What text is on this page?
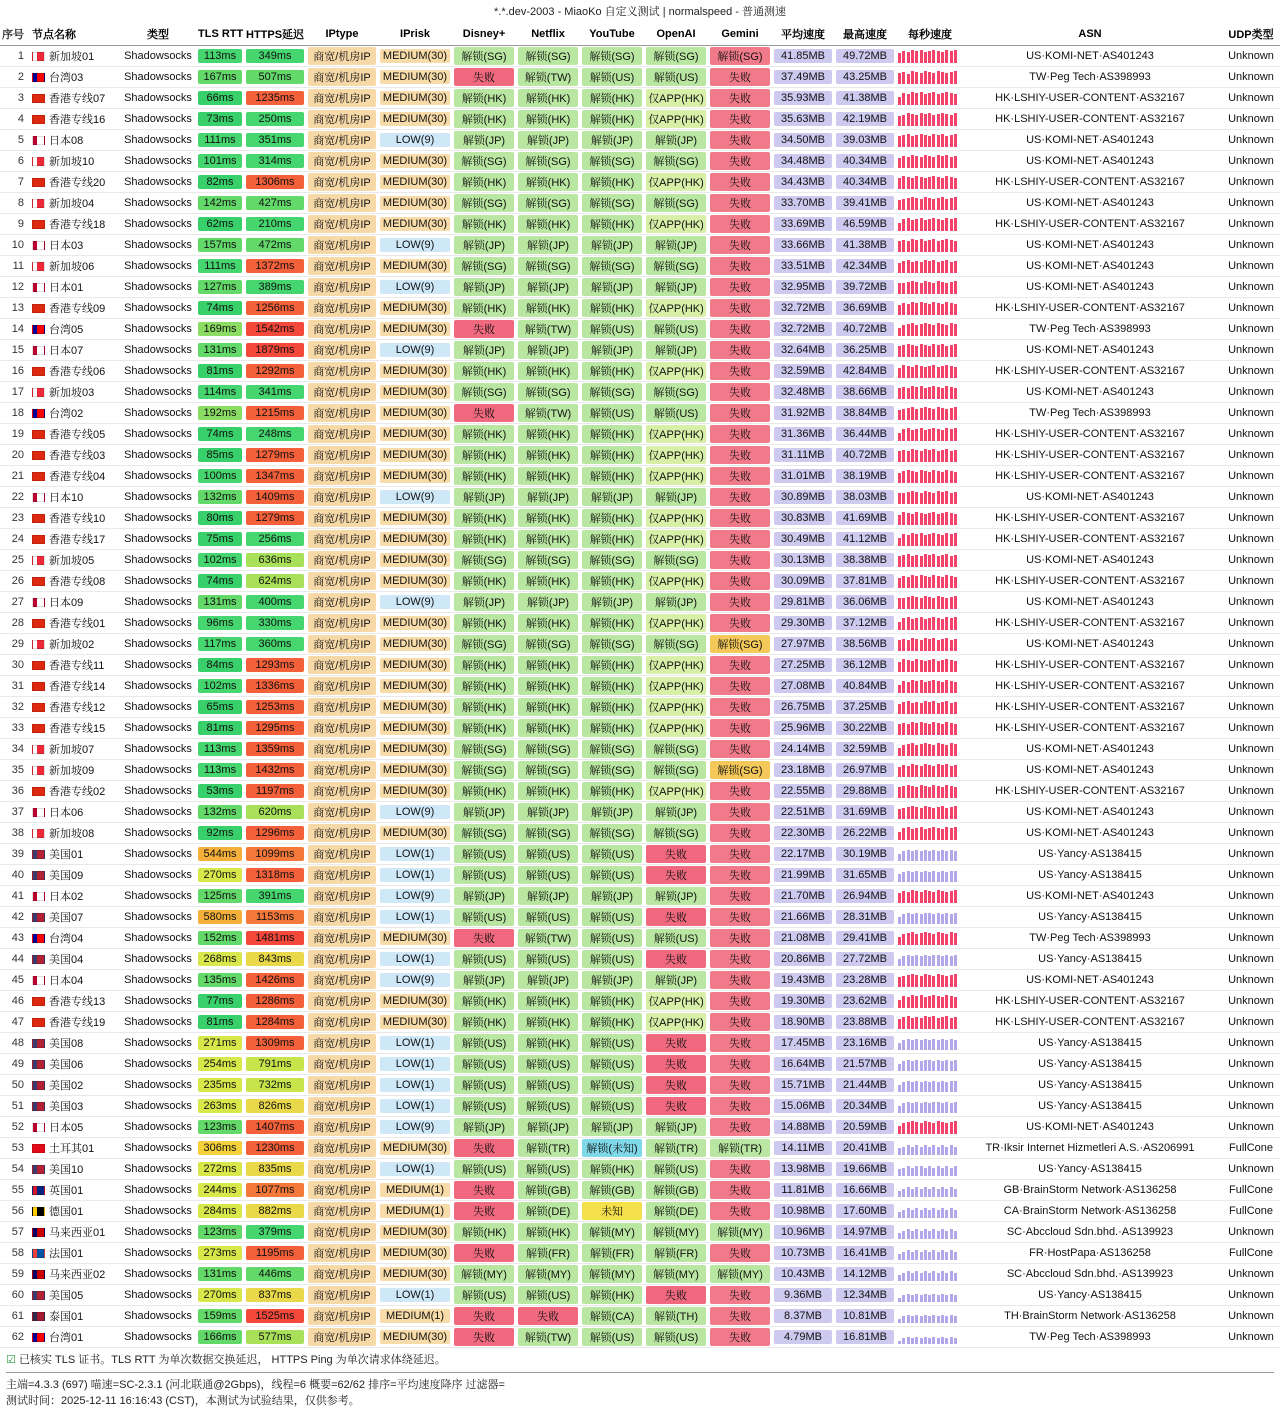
*.*.dev-2003 - MiaoKo 自定义测试 | normalspeed - 普通测速
序号	节点名称	类型	TLS RTT	HTTPS延迟	IPtype	IPrisk	Disney+	Netflix	YouTube	OpenAI	Gemini	平均速度	最高速度	每秒速度	ASN	UDP类型
1	新加坡01	Shadowsocks	113ms	349ms	商宽/机房IP	MEDIUM(30)	解锁(SG)	解锁(SG)	解锁(SG)	解锁(SG)	解锁(SG)	41.85MB	49.72MB		US·KOMI-NET·AS401243	Unknown

2	台湾03	Shadowsocks	167ms	507ms	商宽/机房IP	MEDIUM(30)	失败	解锁(TW)	解锁(US)	解锁(US)	失败	37.49MB	43.25MB		TW·Peg Tech·AS398993	Unknown

3	香港专线07	Shadowsocks	66ms	1235ms	商宽/机房IP	MEDIUM(30)	解锁(HK)	解锁(HK)	解锁(HK)	仅APP(HK)	失败	35.93MB	41.38MB		HK·LSHIY-USER-CONTENT·AS32167	Unknown

4	香港专线16	Shadowsocks	73ms	250ms	商宽/机房IP	MEDIUM(30)	解锁(HK)	解锁(HK)	解锁(HK)	仅APP(HK)	失败	35.63MB	42.19MB		HK·LSHIY-USER-CONTENT·AS32167	Unknown

5	日本08	Shadowsocks	111ms	351ms	商宽/机房IP	LOW(9)	解锁(JP)	解锁(JP)	解锁(JP)	解锁(JP)	失败	34.50MB	39.03MB		US·KOMI-NET·AS401243	Unknown

6	新加坡10	Shadowsocks	101ms	314ms	商宽/机房IP	MEDIUM(30)	解锁(SG)	解锁(SG)	解锁(SG)	解锁(SG)	失败	34.48MB	40.34MB		US·KOMI-NET·AS401243	Unknown

7	香港专线20	Shadowsocks	82ms	1306ms	商宽/机房IP	MEDIUM(30)	解锁(HK)	解锁(HK)	解锁(HK)	仅APP(HK)	失败	34.43MB	40.34MB		HK·LSHIY-USER-CONTENT·AS32167	Unknown

8	新加坡04	Shadowsocks	142ms	427ms	商宽/机房IP	MEDIUM(30)	解锁(SG)	解锁(SG)	解锁(SG)	解锁(SG)	失败	33.70MB	39.41MB		US·KOMI-NET·AS401243	Unknown

9	香港专线18	Shadowsocks	62ms	210ms	商宽/机房IP	MEDIUM(30)	解锁(HK)	解锁(HK)	解锁(HK)	仅APP(HK)	失败	33.69MB	46.59MB		HK·LSHIY-USER-CONTENT·AS32167	Unknown

10	日本03	Shadowsocks	157ms	472ms	商宽/机房IP	LOW(9)	解锁(JP)	解锁(JP)	解锁(JP)	解锁(JP)	失败	33.66MB	41.38MB		US·KOMI-NET·AS401243	Unknown

11	新加坡06	Shadowsocks	111ms	1372ms	商宽/机房IP	MEDIUM(30)	解锁(SG)	解锁(SG)	解锁(SG)	解锁(SG)	失败	33.51MB	42.34MB		US·KOMI-NET·AS401243	Unknown

12	日本01	Shadowsocks	127ms	389ms	商宽/机房IP	LOW(9)	解锁(JP)	解锁(JP)	解锁(JP)	解锁(JP)	失败	32.95MB	39.72MB		US·KOMI-NET·AS401243	Unknown

13	香港专线09	Shadowsocks	74ms	1256ms	商宽/机房IP	MEDIUM(30)	解锁(HK)	解锁(HK)	解锁(HK)	仅APP(HK)	失败	32.72MB	36.69MB		HK·LSHIY-USER-CONTENT·AS32167	Unknown

14	台湾05	Shadowsocks	169ms	1542ms	商宽/机房IP	MEDIUM(30)	失败	解锁(TW)	解锁(US)	解锁(US)	失败	32.72MB	40.72MB		TW·Peg Tech·AS398993	Unknown

15	日本07	Shadowsocks	131ms	1879ms	商宽/机房IP	LOW(9)	解锁(JP)	解锁(JP)	解锁(JP)	解锁(JP)	失败	32.64MB	36.25MB		US·KOMI-NET·AS401243	Unknown

16	香港专线06	Shadowsocks	81ms	1292ms	商宽/机房IP	MEDIUM(30)	解锁(HK)	解锁(HK)	解锁(HK)	仅APP(HK)	失败	32.59MB	42.84MB		HK·LSHIY-USER-CONTENT·AS32167	Unknown

17	新加坡03	Shadowsocks	114ms	341ms	商宽/机房IP	MEDIUM(30)	解锁(SG)	解锁(SG)	解锁(SG)	解锁(SG)	失败	32.48MB	38.66MB		US·KOMI-NET·AS401243	Unknown

18	台湾02	Shadowsocks	192ms	1215ms	商宽/机房IP	MEDIUM(30)	失败	解锁(TW)	解锁(US)	解锁(US)	失败	31.92MB	38.84MB		TW·Peg Tech·AS398993	Unknown

19	香港专线05	Shadowsocks	74ms	248ms	商宽/机房IP	MEDIUM(30)	解锁(HK)	解锁(HK)	解锁(HK)	仅APP(HK)	失败	31.36MB	36.44MB		HK·LSHIY-USER-CONTENT·AS32167	Unknown

20	香港专线03	Shadowsocks	85ms	1279ms	商宽/机房IP	MEDIUM(30)	解锁(HK)	解锁(HK)	解锁(HK)	仅APP(HK)	失败	31.11MB	40.72MB		HK·LSHIY-USER-CONTENT·AS32167	Unknown

21	香港专线04	Shadowsocks	100ms	1347ms	商宽/机房IP	MEDIUM(30)	解锁(HK)	解锁(HK)	解锁(HK)	仅APP(HK)	失败	31.01MB	38.19MB		HK·LSHIY-USER-CONTENT·AS32167	Unknown

22	日本10	Shadowsocks	132ms	1409ms	商宽/机房IP	LOW(9)	解锁(JP)	解锁(JP)	解锁(JP)	解锁(JP)	失败	30.89MB	38.03MB		US·KOMI-NET·AS401243	Unknown

23	香港专线10	Shadowsocks	80ms	1279ms	商宽/机房IP	MEDIUM(30)	解锁(HK)	解锁(HK)	解锁(HK)	仅APP(HK)	失败	30.83MB	41.69MB		HK·LSHIY-USER-CONTENT·AS32167	Unknown

24	香港专线17	Shadowsocks	75ms	256ms	商宽/机房IP	MEDIUM(30)	解锁(HK)	解锁(HK)	解锁(HK)	仅APP(HK)	失败	30.49MB	41.12MB		HK·LSHIY-USER-CONTENT·AS32167	Unknown

25	新加坡05	Shadowsocks	102ms	636ms	商宽/机房IP	MEDIUM(30)	解锁(SG)	解锁(SG)	解锁(SG)	解锁(SG)	失败	30.13MB	38.38MB		US·KOMI-NET·AS401243	Unknown

26	香港专线08	Shadowsocks	74ms	624ms	商宽/机房IP	MEDIUM(30)	解锁(HK)	解锁(HK)	解锁(HK)	仅APP(HK)	失败	30.09MB	37.81MB		HK·LSHIY-USER-CONTENT·AS32167	Unknown

27	日本09	Shadowsocks	131ms	400ms	商宽/机房IP	LOW(9)	解锁(JP)	解锁(JP)	解锁(JP)	解锁(JP)	失败	29.81MB	36.06MB		US·KOMI-NET·AS401243	Unknown

28	香港专线01	Shadowsocks	96ms	330ms	商宽/机房IP	MEDIUM(30)	解锁(HK)	解锁(HK)	解锁(HK)	仅APP(HK)	失败	29.30MB	37.12MB		HK·LSHIY-USER-CONTENT·AS32167	Unknown

29	新加坡02	Shadowsocks	117ms	360ms	商宽/机房IP	MEDIUM(30)	解锁(SG)	解锁(SG)	解锁(SG)	解锁(SG)	解锁(SG)	27.97MB	38.56MB		US·KOMI-NET·AS401243	Unknown

30	香港专线11	Shadowsocks	84ms	1293ms	商宽/机房IP	MEDIUM(30)	解锁(HK)	解锁(HK)	解锁(HK)	仅APP(HK)	失败	27.25MB	36.12MB		HK·LSHIY-USER-CONTENT·AS32167	Unknown

31	香港专线14	Shadowsocks	102ms	1336ms	商宽/机房IP	MEDIUM(30)	解锁(HK)	解锁(HK)	解锁(HK)	仅APP(HK)	失败	27.08MB	40.84MB		HK·LSHIY-USER-CONTENT·AS32167	Unknown

32	香港专线12	Shadowsocks	65ms	1253ms	商宽/机房IP	MEDIUM(30)	解锁(HK)	解锁(HK)	解锁(HK)	仅APP(HK)	失败	26.75MB	37.25MB		HK·LSHIY-USER-CONTENT·AS32167	Unknown

33	香港专线15	Shadowsocks	81ms	1295ms	商宽/机房IP	MEDIUM(30)	解锁(HK)	解锁(HK)	解锁(HK)	仅APP(HK)	失败	25.96MB	30.22MB		HK·LSHIY-USER-CONTENT·AS32167	Unknown

34	新加坡07	Shadowsocks	113ms	1359ms	商宽/机房IP	MEDIUM(30)	解锁(SG)	解锁(SG)	解锁(SG)	解锁(SG)	失败	24.14MB	32.59MB		US·KOMI-NET·AS401243	Unknown

35	新加坡09	Shadowsocks	113ms	1432ms	商宽/机房IP	MEDIUM(30)	解锁(SG)	解锁(SG)	解锁(SG)	解锁(SG)	解锁(SG)	23.18MB	26.97MB		US·KOMI-NET·AS401243	Unknown

36	香港专线02	Shadowsocks	53ms	1197ms	商宽/机房IP	MEDIUM(30)	解锁(HK)	解锁(HK)	解锁(HK)	仅APP(HK)	失败	22.55MB	29.88MB		HK·LSHIY-USER-CONTENT·AS32167	Unknown

37	日本06	Shadowsocks	132ms	620ms	商宽/机房IP	LOW(9)	解锁(JP)	解锁(JP)	解锁(JP)	解锁(JP)	失败	22.51MB	31.69MB		US·KOMI-NET·AS401243	Unknown

38	新加坡08	Shadowsocks	92ms	1296ms	商宽/机房IP	MEDIUM(30)	解锁(SG)	解锁(SG)	解锁(SG)	解锁(SG)	失败	22.30MB	26.22MB		US·KOMI-NET·AS401243	Unknown

39	美国01	Shadowsocks	544ms	1099ms	商宽/机房IP	LOW(1)	解锁(US)	解锁(US)	解锁(US)	失败	失败	22.17MB	30.19MB		US·Yancy·AS138415	Unknown

40	美国09	Shadowsocks	270ms	1318ms	商宽/机房IP	LOW(1)	解锁(US)	解锁(US)	解锁(US)	失败	失败	21.99MB	31.65MB		US·Yancy·AS138415	Unknown

41	日本02	Shadowsocks	125ms	391ms	商宽/机房IP	LOW(9)	解锁(JP)	解锁(JP)	解锁(JP)	解锁(JP)	失败	21.70MB	26.94MB		US·KOMI-NET·AS401243	Unknown

42	美国07	Shadowsocks	580ms	1153ms	商宽/机房IP	LOW(1)	解锁(US)	解锁(US)	解锁(US)	失败	失败	21.66MB	28.31MB		US·Yancy·AS138415	Unknown

43	台湾04	Shadowsocks	152ms	1481ms	商宽/机房IP	MEDIUM(30)	失败	解锁(TW)	解锁(US)	解锁(US)	失败	21.08MB	29.41MB		TW·Peg Tech·AS398993	Unknown

44	美国04	Shadowsocks	268ms	843ms	商宽/机房IP	LOW(1)	解锁(US)	解锁(US)	解锁(US)	失败	失败	20.86MB	27.72MB		US·Yancy·AS138415	Unknown

45	日本04	Shadowsocks	135ms	1426ms	商宽/机房IP	LOW(9)	解锁(JP)	解锁(JP)	解锁(JP)	解锁(JP)	失败	19.43MB	23.28MB		US·KOMI-NET·AS401243	Unknown

46	香港专线13	Shadowsocks	77ms	1286ms	商宽/机房IP	MEDIUM(30)	解锁(HK)	解锁(HK)	解锁(HK)	仅APP(HK)	失败	19.30MB	23.62MB		HK·LSHIY-USER-CONTENT·AS32167	Unknown

47	香港专线19	Shadowsocks	81ms	1284ms	商宽/机房IP	MEDIUM(30)	解锁(HK)	解锁(HK)	解锁(HK)	仅APP(HK)	失败	18.90MB	23.88MB		HK·LSHIY-USER-CONTENT·AS32167	Unknown

48	美国08	Shadowsocks	271ms	1309ms	商宽/机房IP	LOW(1)	解锁(US)	解锁(HK)	解锁(US)	失败	失败	17.45MB	23.16MB		US·Yancy·AS138415	Unknown

49	美国06	Shadowsocks	254ms	791ms	商宽/机房IP	LOW(1)	解锁(US)	解锁(US)	解锁(US)	失败	失败	16.64MB	21.57MB		US·Yancy·AS138415	Unknown

50	美国02	Shadowsocks	235ms	732ms	商宽/机房IP	LOW(1)	解锁(US)	解锁(US)	解锁(US)	失败	失败	15.71MB	21.44MB		US·Yancy·AS138415	Unknown

51	美国03	Shadowsocks	263ms	826ms	商宽/机房IP	LOW(1)	解锁(US)	解锁(US)	解锁(US)	失败	失败	15.06MB	20.34MB		US·Yancy·AS138415	Unknown

52	日本05	Shadowsocks	123ms	1407ms	商宽/机房IP	LOW(9)	解锁(JP)	解锁(JP)	解锁(JP)	解锁(JP)	失败	14.88MB	20.59MB		US·KOMI-NET·AS401243	Unknown

53	土耳其01	Shadowsocks	306ms	1230ms	商宽/机房IP	MEDIUM(30)	失败	解锁(TR)	解锁(未知)	解锁(TR)	解锁(TR)	14.11MB	20.41MB		TR·Iksir Internet Hizmetleri A.S.·AS206991	FullCone

54	美国10	Shadowsocks	272ms	835ms	商宽/机房IP	LOW(1)	解锁(US)	解锁(US)	解锁(HK)	解锁(US)	失败	13.98MB	19.66MB		US·Yancy·AS138415	Unknown

55	英国01	Shadowsocks	244ms	1077ms	商宽/机房IP	MEDIUM(1)	失败	解锁(GB)	解锁(GB)	解锁(GB)	失败	11.81MB	16.66MB		GB·BrainStorm Network·AS136258	FullCone

56	德国01	Shadowsocks	284ms	882ms	商宽/机房IP	MEDIUM(1)	失败	解锁(DE)	未知	解锁(DE)	失败	10.98MB	17.60MB		CA·BrainStorm Network·AS136258	FullCone

57	马来西亚01	Shadowsocks	123ms	379ms	商宽/机房IP	MEDIUM(30)	解锁(HK)	解锁(HK)	解锁(MY)	解锁(MY)	解锁(MY)	10.96MB	14.97MB		SC·Abccloud Sdn.bhd.·AS139923	Unknown

58	法国01	Shadowsocks	273ms	1195ms	商宽/机房IP	MEDIUM(30)	失败	解锁(FR)	解锁(FR)	解锁(FR)	失败	10.73MB	16.41MB		FR·HostPapa·AS136258	FullCone

59	马来西亚02	Shadowsocks	131ms	446ms	商宽/机房IP	MEDIUM(30)	解锁(MY)	解锁(MY)	解锁(MY)	解锁(MY)	解锁(MY)	10.43MB	14.12MB		SC·Abccloud Sdn.bhd.·AS139923	Unknown

60	美国05	Shadowsocks	270ms	837ms	商宽/机房IP	LOW(1)	解锁(US)	解锁(US)	解锁(HK)	失败	失败	9.36MB	12.34MB		US·Yancy·AS138415	Unknown

61	泰国01	Shadowsocks	159ms	1525ms	商宽/机房IP	MEDIUM(1)	失败	失败	解锁(CA)	解锁(TH)	失败	8.37MB	10.81MB		TH·BrainStorm Network·AS136258	Unknown

62	台湾01	Shadowsocks	166ms	577ms	商宽/机房IP	MEDIUM(30)	失败	解锁(TW)	解锁(US)	解锁(US)	失败	4.79MB	16.81MB		TW·Peg Tech·AS398993	Unknown
☑ 已核实 TLS 证书。TLS RTT 为单次数据交换延迟， HTTPS Ping 为单次请求体绕延迟。
主端=4.3.3 (697) 喵速=SC-2.3.1 (河北联通@2Gbps)，线程=6 概要=62/62 排序=平均速度降序 过滤器=
测试时间：2025-12-11 16:16:43 (CST)，本测试为试验结果，仅供参考。
